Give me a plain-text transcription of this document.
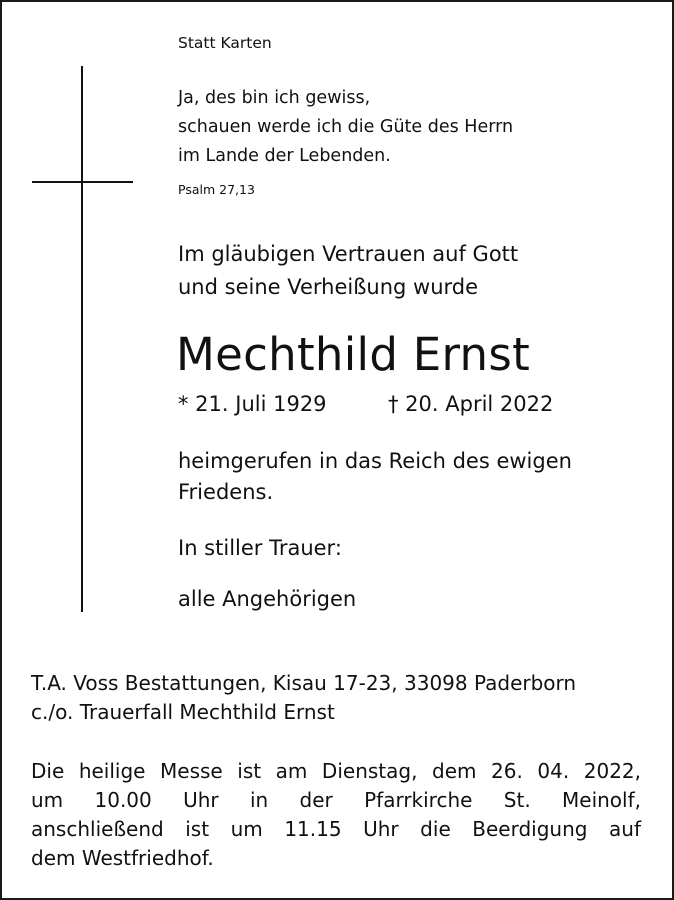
Statt Karten

Ja, des bin ich gewiss,

schauen werde ich die Güte des Herrn

im Lande der Lebenden.

Psalm 27,13

Im gläubigen Vertrauen auf Gott

und seine Verheißung wurde

Mechthild Ernst

* 21. Juli 1929	† 20. April 2022

heimgerufen in das Reich des ewigen

Friedens.

In stiller Trauer:

alle Angehörigen

T.A. Voss Bestattungen, Kisau 17-23, 33098 Paderborn

c./o. Trauerfall Mechthild Ernst

Die heilige Messe ist am Dienstag, dem 26. 04. 2022,
um 10.00 Uhr in der Pfarrkirche St. Meinolf,
anschließend ist um 11.15 Uhr die Beerdigung auf
dem Westfriedhof.
